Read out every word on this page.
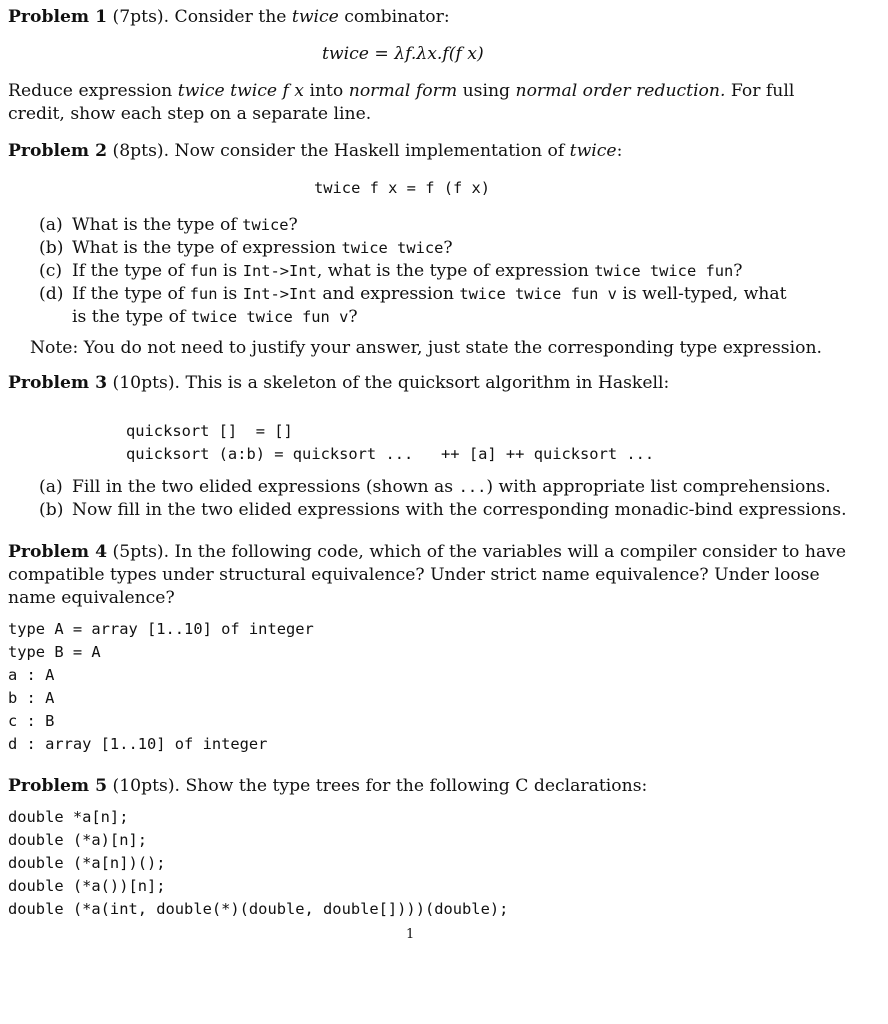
Problem 1 (7pts). Consider the twice combinator:
twice = λf.λx.f(f x)
Reduce expression twice twice f x into normal form using normal order reduction. For full
credit, show each step on a separate line.
Problem 2 (8pts). Now consider the Haskell implementation of twice:
twice f x = f (f x)
(a) What is the type of twice?
(b) What is the type of expression twice twice?
(c) If the type of fun is Int->Int, what is the type of expression twice twice fun?
(d) If the type of fun is Int->Int and expression twice twice fun v is well-typed, what
is the type of twice twice fun v?
Note: You do not need to justify your answer, just state the corresponding type expression.
Problem 3 (10pts). This is a skeleton of the quicksort algorithm in Haskell:
quicksort []  = []
quicksort (a:b) = quicksort ...   ++ [a] ++ quicksort ...
(a) Fill in the two elided expressions (shown as ...) with appropriate list comprehensions.
(b) Now fill in the two elided expressions with the corresponding monadic-bind expressions.
Problem 4 (5pts). In the following code, which of the variables will a compiler consider to have
compatible types under structural equivalence? Under strict name equivalence? Under loose
name equivalence?
type A = array [1..10] of integer
type B = A
a : A
b : A
c : B
d : array [1..10] of integer
Problem 5 (10pts). Show the type trees for the following C declarations:
double *a[n];
double (*a)[n];
double (*a[n])();
double (*a())[n];
double (*a(int, double(*)(double, double[])))(double);
1
